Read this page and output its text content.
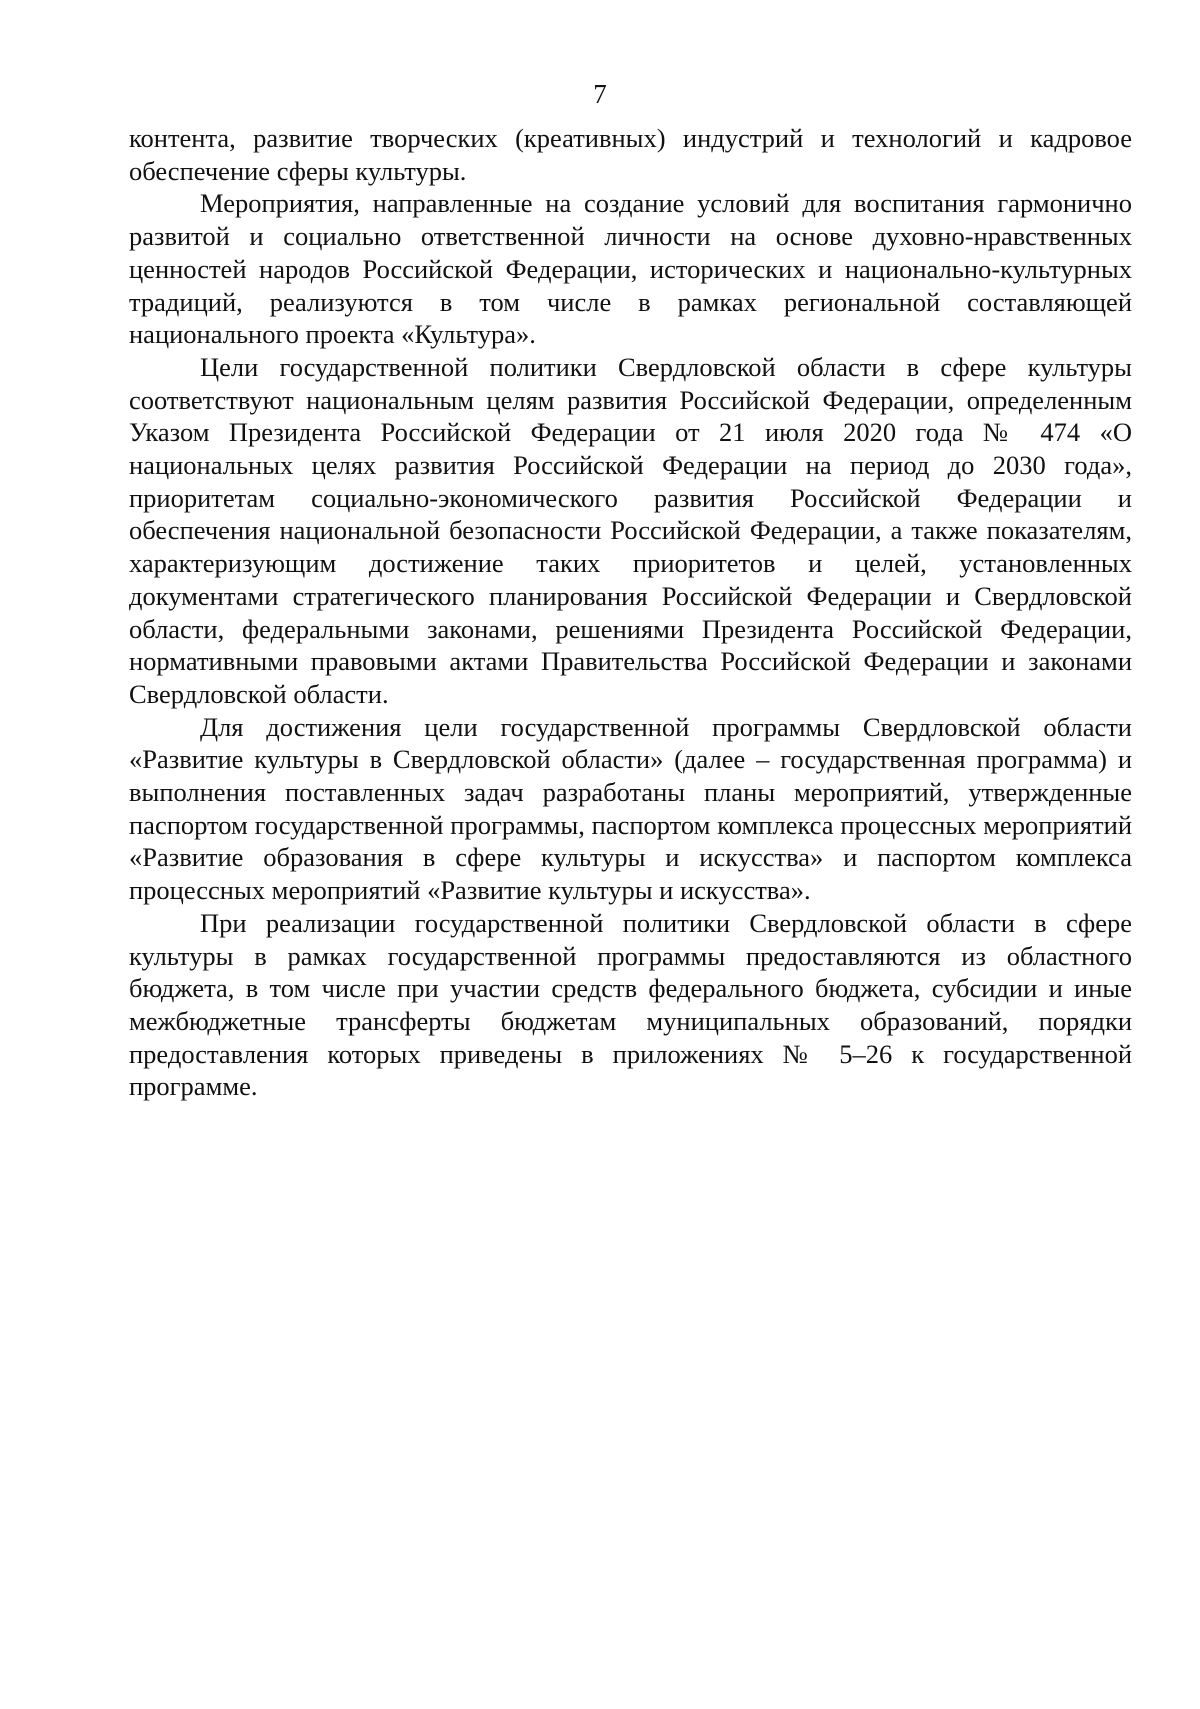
7

контента, развитие творческих (креативных) индустрий и технологий и кадровое обеспечение сферы культуры.

Мероприятия, направленные на создание условий для воспитания гармонично развитой и социально ответственной личности на основе духовно-нравственных ценностей народов Российской Федерации, исторических и национально-культурных традиций, реализуются в том числе в рамках региональной составляющей национального проекта «Культура».

Цели государственной политики Свердловской области в сфере культуры соответствуют национальным целям развития Российской Федерации, определенным Указом Президента Российской Федерации от 21 июля 2020 года № 474 «О национальных целях развития Российской Федерации на период до 2030 года», приоритетам социально-экономического развития Российской Федерации и обеспечения национальной безопасности Российской Федерации, а также показателям, характеризующим достижение таких приоритетов и целей, установленных документами стратегического планирования Российской Федерации и Свердловской области, федеральными законами, решениями Президента Российской Федерации, нормативными правовыми актами Правительства Российской Федерации и законами Свердловской области.

Для достижения цели государственной программы Свердловской области «Развитие культуры в Свердловской области» (далее – государственная программа) и выполнения поставленных задач разработаны планы мероприятий, утвержденные паспортом государственной программы, паспортом комплекса процессных мероприятий «Развитие образования в сфере культуры и искусства» и паспортом комплекса процессных мероприятий «Развитие культуры и искусства».

При реализации государственной политики Свердловской области в сфере культуры в рамках государственной программы предоставляются из областного бюджета, в том числе при участии средств федерального бюджета, субсидии и иные межбюджетные трансферты бюджетам муниципальных образований, порядки предоставления которых приведены в приложениях № 5–26 к государственной программе.
